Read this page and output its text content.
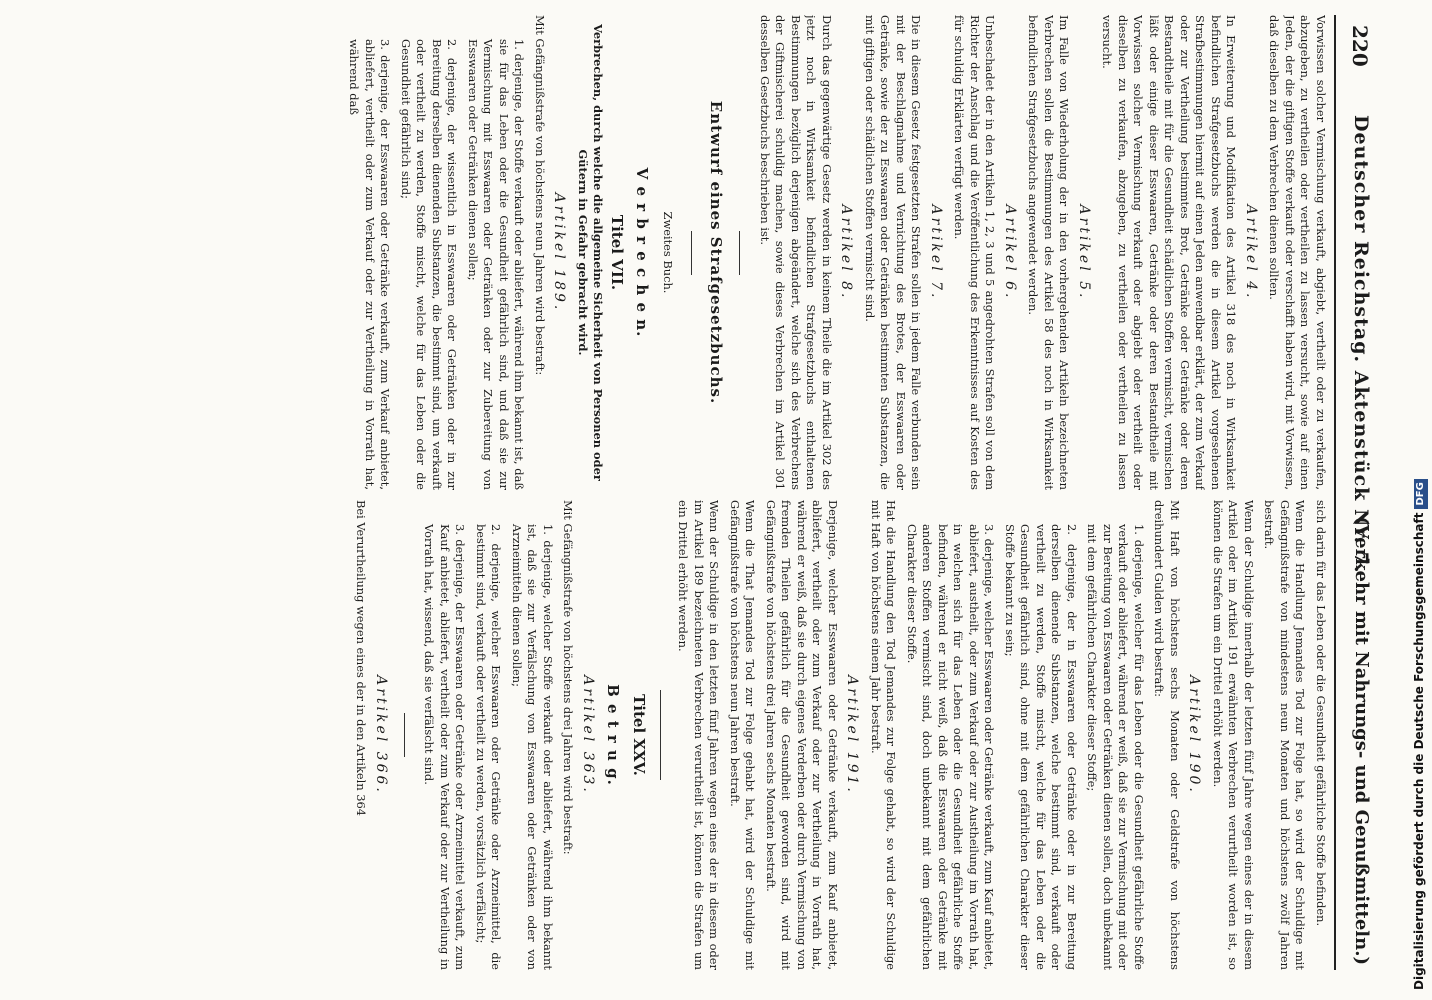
220
Deutscher Reichstag. Aktenstück Nr. 7.
(Verkehr mit Nahrungs- und Genußmitteln.)

Vorwissen solcher Vermischung verkauft, abgiebt, vertheilt oder zu verkaufen, abzugeben, zu vertheilen oder vertheilen zu lassen versucht, sowie auf einen Jeden, der die giftigen Stoffe verkauft oder verschafft haben wird, mit Vorwissen, daß dieselben zu dem Verbrechen dienen sollten.

Artikel 4.

In Erweiterung und Modifikation des Artikel 318 des noch in Wirksamkeit befindlichen Strafgesetzbuchs werden die in diesem Artikel vorgesehenen Strafbestimmungen hiermit auf einen Jeden anwendbar erklärt, der zum Verkauf oder zur Vertheilung bestimmtes Brot, Getränke oder Getränke oder deren Bestandtheile mit für die Gesundheit schädlichen Stoffen vermischt, vermischen läßt oder einige dieser Esswaaren, Getränke oder deren Bestandtheile mit Vorwissen solcher Vermischung verkauft oder abgiebt oder vertheilt oder dieselben zu verkaufen, abzugeben, zu vertheilen oder vertheilen zu lassen versucht.

Artikel 5.

Im Falle von Wiederholung der in den vorhergehenden Artikeln bezeichneten Verbrechen sollen die Bestimmungen des Artikel 58 des noch in Wirksamkeit befindlichen Strafgesetzbuchs angewendet werden.

Artikel 6.

Unbeschadet der in den Artikeln 1, 2, 3 und 5 angedrohten Strafen soll von dem Richter der Anschlag und die Veröffentlichung des Erkenntnisses auf Kosten des für schuldig Erklärten verfügt werden.

Artikel 7.

Die in diesem Gesetz festgesetzten Strafen sollen in jedem Falle verbunden sein mit der Beschlagnahme und Vernichtung des Brotes, der Esswaaren oder Getränke, sowie der zu Esswaaren oder Getränken bestimmten Substanzen, die mit giftigen oder schädlichen Stoffen vermischt sind.

Artikel 8.

Durch das gegenwärtige Gesetz werden in keinem Theile die im Artikel 302 des jetzt noch in Wirksamkeit befindlichen Strafgesetzbuchs enthaltenen Bestimmungen bezüglich derjenigen abgeändert, welche sich des Verbrechens der Giftmischerei schuldig machen, sowie dieses Verbrechen im Artikel 301 desselben Gesetzbuchs beschrieben ist.

Entwurf eines Strafgesetzbuchs.

Zweites Buch.

V e r b r e c h e n.

Titel VII.

Verbrechen, durch welche die allgemeine Sicherheit von Personen oder Gütern in Gefahr gebracht wird.

Artikel 189.

Mit Gefängnißstrafe von höchstens neun Jahren wird bestraft:

1. derjenige, der Stoffe verkauft oder abliefert, während ihm bekannt ist, daß sie für das Leben oder die Gesundheit gefährlich sind, und daß sie zur Vermischung mit Esswaaren oder Getränken oder zur Zubereitung von Esswaaren oder Getränken dienen sollen;

2. derjenige, der wissentlich in Esswaaren oder Getränken oder in zur Bereitung derselben dienenden Substanzen, die bestimmt sind, um verkauft oder vertheilt zu werden, Stoffe mischt, welche für das Leben oder die Gesundheit gefährlich sind;

3. derjenige, der Esswaaren oder Getränke verkauft, zum Verkauf anbietet, abliefert, vertheilt oder zum Verkauf oder zur Vertheilung in Vorrath hat, während daß

sich darin für das Leben oder die Gesundheit gefährliche Stoffe befinden.

Wenn die Handlung Jemandes Tod zur Folge hat, so wird der Schuldige mit Gefängnißstrafe von mindestens neun Monaten und höchstens zwölf Jahren bestraft.

Wenn der Schuldige innerhalb der letzten fünf Jahre wegen eines der in diesem Artikel oder im Artikel 191 erwähnten Verbrechen verurtheilt worden ist, so können die Strafen um ein Drittel erhöht werden.

Artikel 190.

Mit Haft von höchstens sechs Monaten oder Geldstrafe von höchstens dreihundert Gulden wird bestraft:

1. derjenige, welcher für das Leben oder die Gesundheit gefährliche Stoffe verkauft oder abliefert, während er weiß, daß sie zur Vermischung mit oder zur Bereitung von Esswaaren oder Getränken dienen sollen, doch unbekannt mit dem gefährlichen Charakter dieser Stoffe;

2. derjenige, der in Esswaaren oder Getränke oder in zur Bereitung derselben dienende Substanzen, welche bestimmt sind, verkauft oder vertheilt zu werden, Stoffe mischt, welche für das Leben oder die Gesundheit gefährlich sind, ohne mit dem gefährlichen Charakter dieser Stoffe bekannt zu sein;

3. derjenige, welcher Esswaaren oder Getränke verkauft, zum Kauf anbietet, abliefert, austheilt, oder zum Verkauf oder zur Austheilung im Vorrath hat, in welchen sich für das Leben oder die Gesundheit gefährliche Stoffe befinden, während er nicht weiß, daß die Esswaaren oder Getränke mit anderen Stoffen vermischt sind, doch unbekannt mit dem gefährlichen Charakter dieser Stoffe.

Hat die Handlung den Tod Jemandes zur Folge gehabt, so wird der Schuldige mit Haft von höchstens einem Jahr bestraft.

Artikel 191.

Derjenige, welcher Esswaaren oder Getränke verkauft, zum Kauf anbietet, abliefert, vertheilt oder zum Verkauf oder zur Vertheilung in Vorrath hat, während er weiß, daß sie durch eigenes Verderben oder durch Vermischung von fremden Theilen gefährlich für die Gesundheit geworden sind, wird mit Gefängnißstrafe von höchstens drei Jahren sechs Monaten bestraft.

Wenn die That Jemandes Tod zur Folge gehabt hat, wird der Schuldige mit Gefängnißstrafe von höchstens neun Jahren bestraft.

Wenn der Schuldige in den letzten fünf Jahren wegen eines der in diesem oder im Artikel 189 bezeichneten Verbrechen verurtheilt ist, können die Strafen um ein Drittel erhöht werden.

Titel XXV.

B e t r u g.

Artikel 363.

Mit Gefängnißstrafe von höchstens drei Jahren wird bestraft:

1. derjenige, welcher Stoffe verkauft oder abliefert, während ihm bekannt ist, daß sie zur Verfälschung von Esswaaren oder Getränken oder von Arzneimitteln dienen sollen;

2. derjenige, welcher Esswaaren oder Getränke oder Arzneimittel, die bestimmt sind, verkauft oder vertheilt zu werden, vorsätzlich verfälscht;

3. derjenige, der Esswaaren oder Getränke oder Arzneimittel verkauft, zum Kauf anbietet, abliefert, vertheilt oder zum Verkauf oder zur Vertheilung in Vorrath hat, wissend, daß sie verfälscht sind.

Artikel 366.

Bei Verurtheilung wegen eines der in den Artikeln 364	Digitalisierung gefördert durch die Deutsche ForschungsgemeinschaftDFG
